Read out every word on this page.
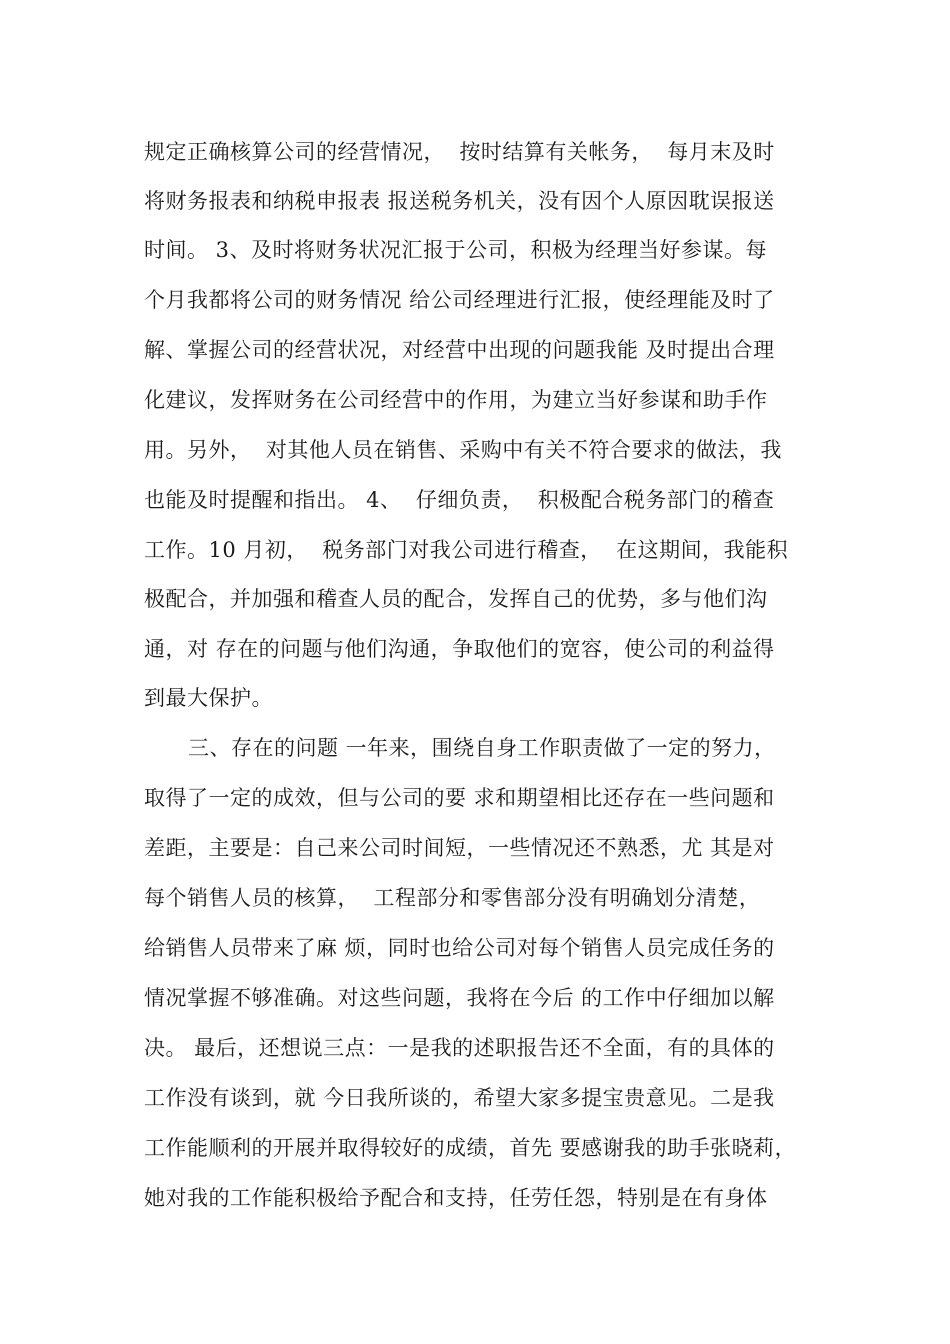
规定正确核算公司的经营情况，  按时结算有关帐务，  每月末及时
将财务报表和纳税申报表 报送税务机关，没有因个人原因耽误报送
时间。 3、及时将财务状况汇报于公司，积极为经理当好参谋。每
个月我都将公司的财务情况 给公司经理进行汇报，使经理能及时了
解、掌握公司的经营状况，对经营中出现的问题我能 及时提出合理
化建议，发挥财务在公司经营中的作用，为建立当好参谋和助手作
用。另外，  对其他人员在销售、采购中有关不符合要求的做法，我
也能及时提醒和指出。 4、  仔细负责，  积极配合税务部门的稽查
工作。10 月初，  税务部门对我公司进行稽查，  在这期间，我能积
极配合，并加强和稽查人员的配合，发挥自己的优势，多与他们沟
通，对 存在的问题与他们沟通，争取他们的宽容，使公司的利益得
到最大保护。
三、存在的问题 一年来，围绕自身工作职责做了一定的努力，
取得了一定的成效，但与公司的要 求和期望相比还存在一些问题和
差距，主要是：自己来公司时间短，一些情况还不熟悉，尤 其是对
每个销售人员的核算，  工程部分和零售部分没有明确划分清楚，
给销售人员带来了麻 烦，同时也给公司对每个销售人员完成任务的
情况掌握不够准确。对这些问题，我将在今后 的工作中仔细加以解
决。 最后，还想说三点：一是我的述职报告还不全面，有的具体的
工作没有谈到，就 今日我所谈的，希望大家多提宝贵意见。二是我
工作能顺利的开展并取得较好的成绩，首先 要感谢我的助手张晓莉，
她对我的工作能积极给予配合和支持，任劳任怨，特别是在有身体
